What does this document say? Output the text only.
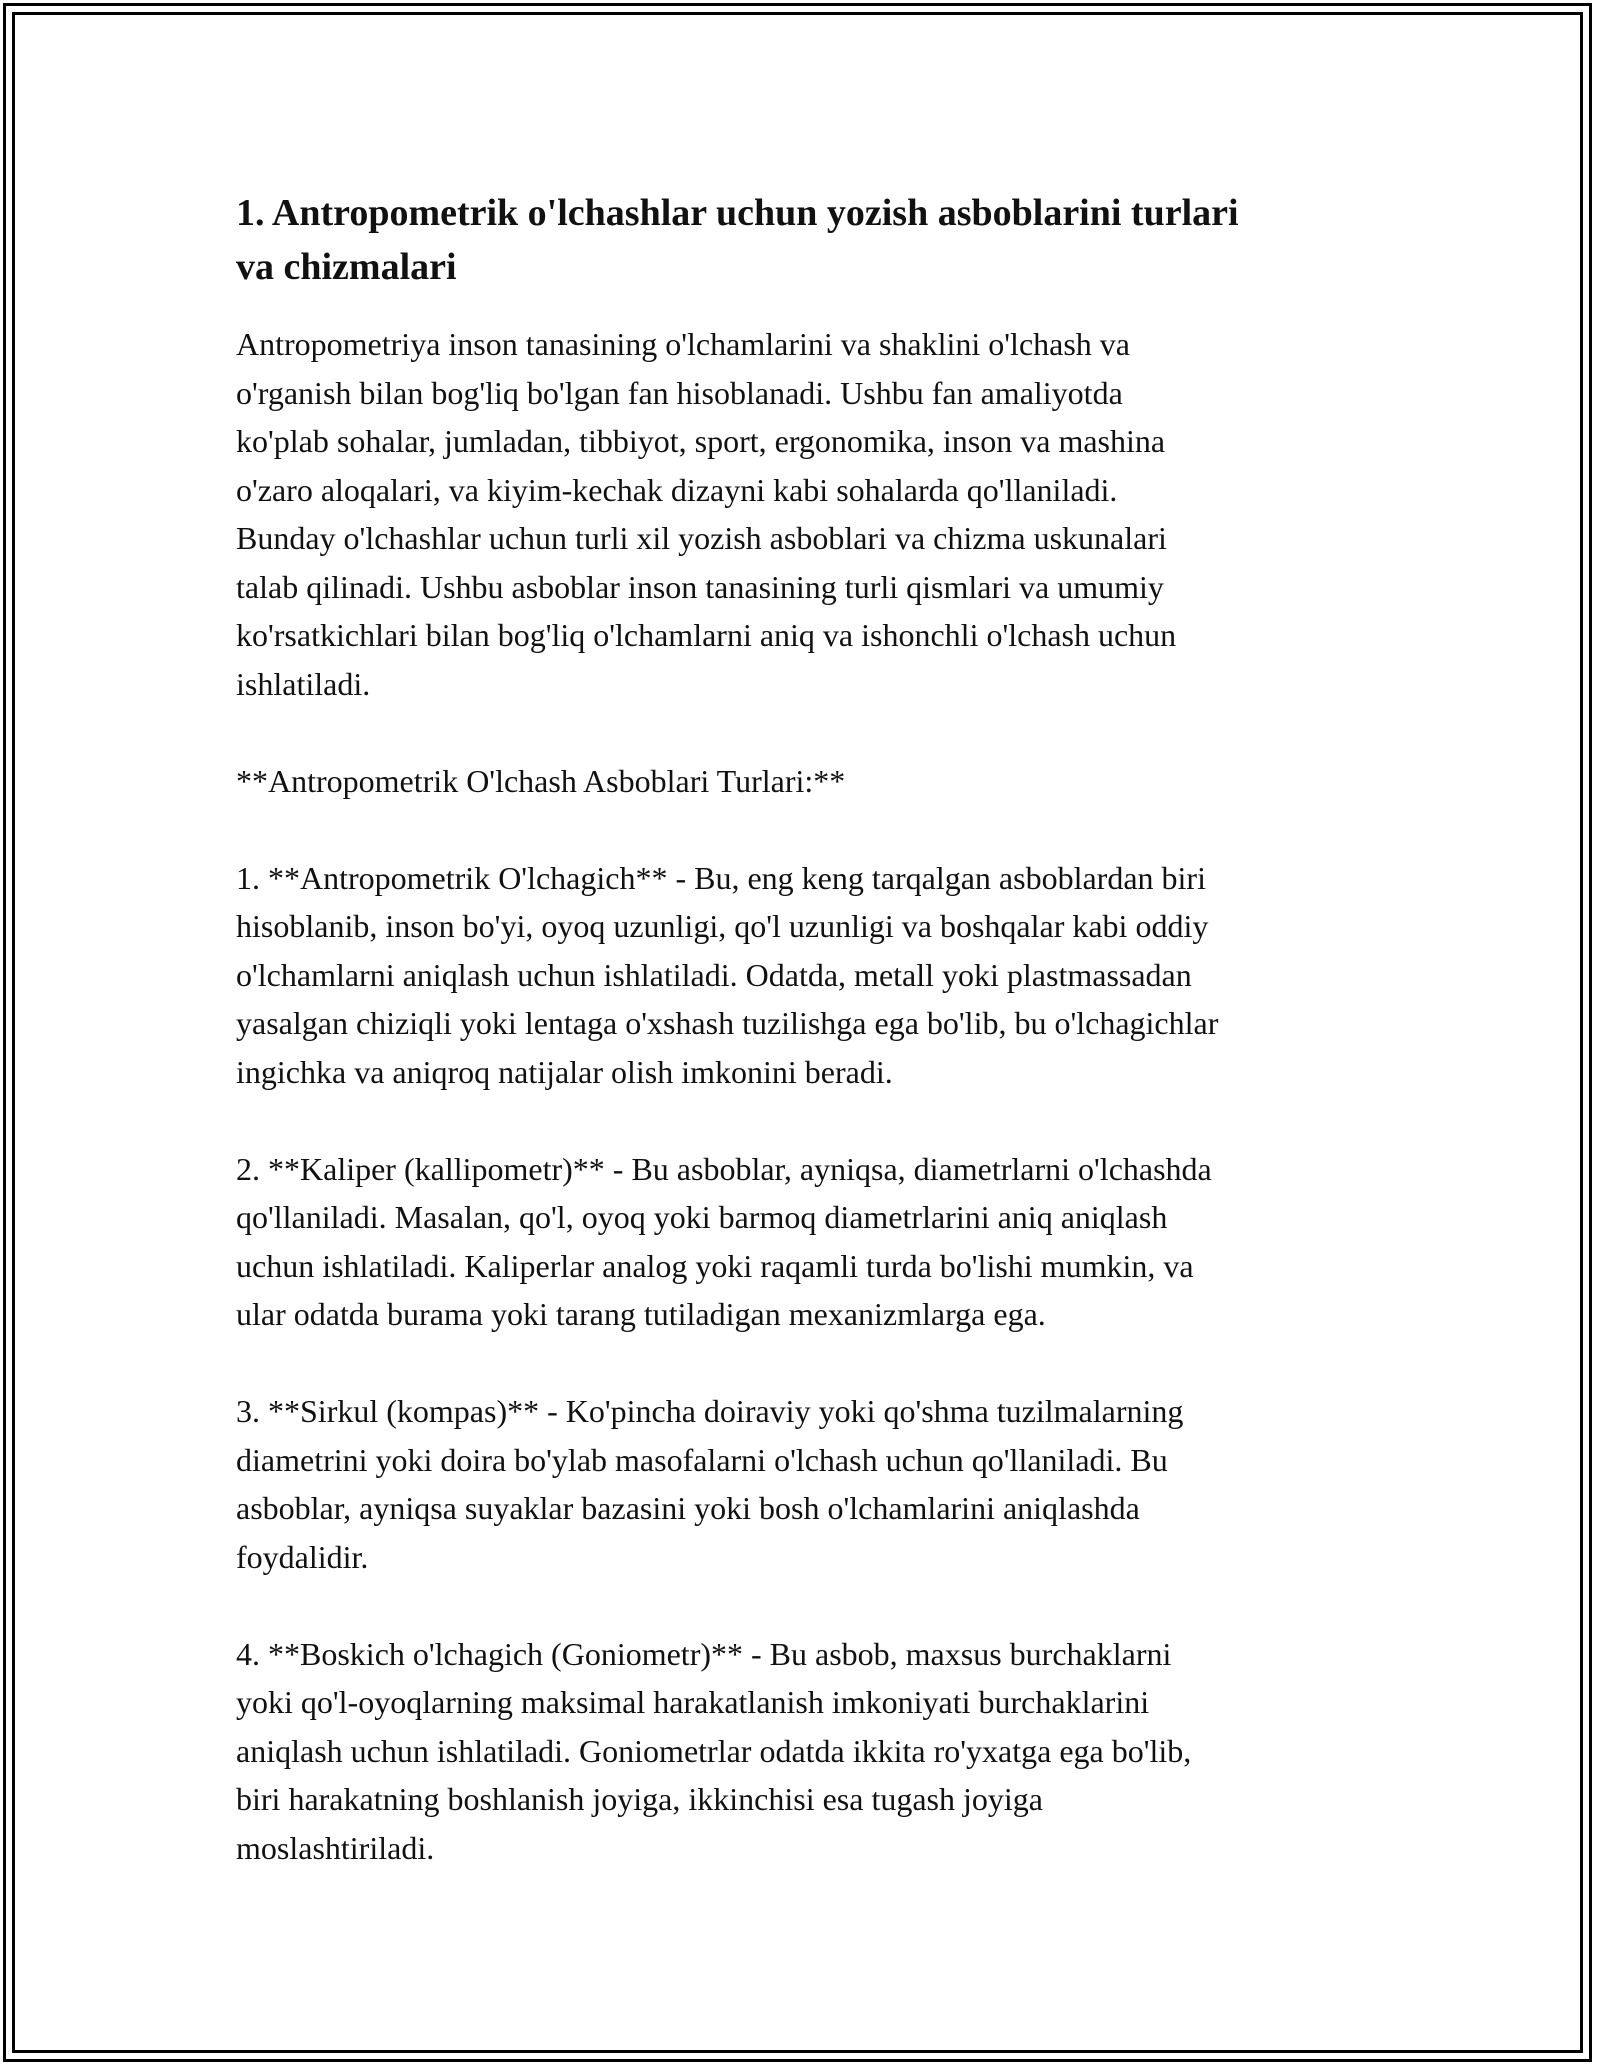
1. Antropometrik o'lchashlar uchun yozish asboblarini turlari
va chizmalari
Antropometriya inson tanasining o'lchamlarini va shaklini o'lchash va
o'rganish bilan bog'liq bo'lgan fan hisoblanadi. Ushbu fan amaliyotda
ko'plab sohalar, jumladan, tibbiyot, sport, ergonomika, inson va mashina
o'zaro aloqalari, va kiyim-kechak dizayni kabi sohalarda qo'llaniladi.
Bunday o'lchashlar uchun turli xil yozish asboblari va chizma uskunalari
talab qilinadi. Ushbu asboblar inson tanasining turli qismlari va umumiy
ko'rsatkichlari bilan bog'liq o'lchamlarni aniq va ishonchli o'lchash uchun
ishlatiladi.
**Antropometrik O'lchash Asboblari Turlari:**
1. **Antropometrik O'lchagich** - Bu, eng keng tarqalgan asboblardan biri
hisoblanib, inson bo'yi, oyoq uzunligi, qo'l uzunligi va boshqalar kabi oddiy
o'lchamlarni aniqlash uchun ishlatiladi. Odatda, metall yoki plastmassadan
yasalgan chiziqli yoki lentaga o'xshash tuzilishga ega bo'lib, bu o'lchagichlar
ingichka va aniqroq natijalar olish imkonini beradi.
2. **Kaliper (kallipometr)** - Bu asboblar, ayniqsa, diametrlarni o'lchashda
qo'llaniladi. Masalan, qo'l, oyoq yoki barmoq diametrlarini aniq aniqlash
uchun ishlatiladi. Kaliperlar analog yoki raqamli turda bo'lishi mumkin, va
ular odatda burama yoki tarang tutiladigan mexanizmlarga ega.
3. **Sirkul (kompas)** - Ko'pincha doiraviy yoki qo'shma tuzilmalarning
diametrini yoki doira bo'ylab masofalarni o'lchash uchun qo'llaniladi. Bu
asboblar, ayniqsa suyaklar bazasini yoki bosh o'lchamlarini aniqlashda
foydalidir.
4. **Boskich o'lchagich (Goniometr)** - Bu asbob, maxsus burchaklarni
yoki qo'l-oyoqlarning maksimal harakatlanish imkoniyati burchaklarini
aniqlash uchun ishlatiladi. Goniometrlar odatda ikkita ro'yxatga ega bo'lib,
biri harakatning boshlanish joyiga, ikkinchisi esa tugash joyiga
moslashtiriladi.
